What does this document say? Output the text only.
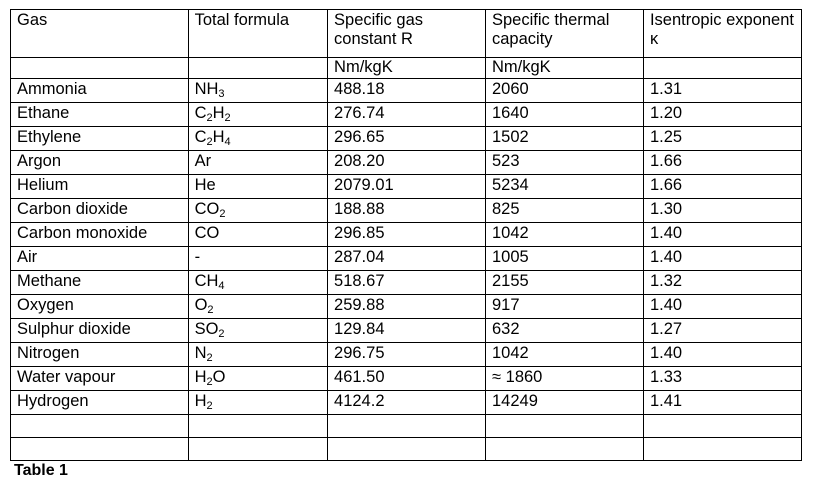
Gas	Total formula	Specific gas constant R	Specific thermal capacity	Isentropic exponent κ
		Nm/kgK	Nm/kgK	
Ammonia	$NH_3$	488.18	2060	1.31
Ethane	$C_2H_2$	276.74	1640	1.20
Ethylene	$C_2H_4$	296.65	1502	1.25
Argon	Ar	208.20	523	1.66
Helium	He	2079.01	5234	1.66
Carbon dioxide	$CO_2$	188.88	825	1.30
Carbon monoxide	CO	296.85	1042	1.40
Air	-	287.04	1005	1.40
Methane	$CH_4$	518.67	2155	1.32
Oxygen	$O_2$	259.88	917	1.40
Sulphur dioxide	$SO_2$	129.84	632	1.27
Nitrogen	$N_2$	296.75	1042	1.40
Water vapour	$H_2O$	461.50	≈ 1860	1.33
Hydrogen	$H_2$	4124.2	14249	1.41

Table 1
